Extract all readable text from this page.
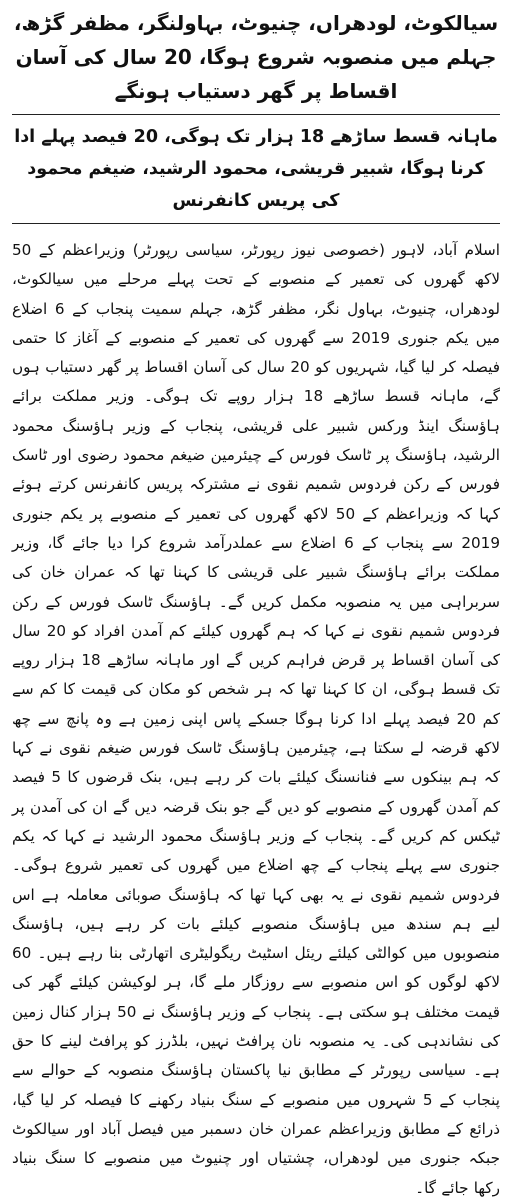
سیالکوٹ، لودھراں، چنیوٹ، بہاولنگر، مظفر گڑھ، جہلم میں منصوبہ شروع ہوگا، 20 سال کی آسان اقساط پر گھر دستیاب ہونگے
ماہانہ قسط ساڑھے 18 ہزار تک ہوگی، 20 فیصد پہلے ادا کرنا ہوگا، شبیر قریشی، محمود الرشید، ضیغم محمود کی پریس کانفرنس

اسلام آباد، لاہور (خصوصی نیوز رپورٹر، سیاسی رپورٹر) وزیراعظم کے 50 لاکھ گھروں کی تعمیر کے منصوبے کے تحت پہلے مرحلے میں سیالکوٹ، لودھراں، چنیوٹ، بہاول نگر، مظفر گڑھ، جہلم سمیت پنجاب کے 6 اضلاع میں یکم جنوری 2019 سے گھروں کی تعمیر کے منصوبے کے آغاز کا حتمی فیصلہ کر لیا گیا، شہریوں کو 20 سال کی آسان اقساط پر گھر دستیاب ہوں گے، ماہانہ قسط ساڑھے 18 ہزار روپے تک ہوگی۔ وزیر مملکت برائے ہاؤسنگ اینڈ ورکس شبیر علی قریشی، پنجاب کے وزیر ہاؤسنگ محمود الرشید، ہاؤسنگ پر ٹاسک فورس کے چیئرمین ضیغم محمود رضوی اور ٹاسک فورس کے رکن فردوس شمیم نقوی نے مشترکہ پریس کانفرنس کرتے ہوئے کہا کہ وزیراعظم کے 50 لاکھ گھروں کی تعمیر کے منصوبے پر یکم جنوری 2019 سے پنجاب کے 6 اضلاع سے عملدرآمد شروع کرا دیا جائے گا، وزیر مملکت برائے ہاؤسنگ شبیر علی قریشی کا کہنا تھا کہ عمران خان کی سربراہی میں یہ منصوبہ مکمل کریں گے۔ ہاؤسنگ ٹاسک فورس کے رکن فردوس شمیم نقوی نے کہا کہ ہم گھروں کیلئے کم آمدن افراد کو 20 سال کی آسان اقساط پر قرض فراہم کریں گے اور ماہانہ ساڑھے 18 ہزار روپے تک قسط ہوگی، ان کا کہنا تھا کہ ہر شخص کو مکان کی قیمت کا کم سے کم 20 فیصد پہلے ادا کرنا ہوگا جسکے پاس اپنی زمین ہے وہ پانچ سے چھ لاکھ قرضہ لے سکتا ہے، چیئرمین ہاؤسنگ ٹاسک فورس ضیغم نقوی نے کہا کہ ہم بینکوں سے فنانسنگ کیلئے بات کر رہے ہیں، بنک قرضوں کا 5 فیصد کم آمدن گھروں کے منصوبے کو دیں گے جو بنک قرضہ دیں گے ان کی آمدن پر ٹیکس کم کریں گے۔ پنجاب کے وزیر ہاؤسنگ محمود الرشید نے کہا کہ یکم جنوری سے پہلے پنجاب کے چھ اضلاع میں گھروں کی تعمیر شروع ہوگی۔ فردوس شمیم نقوی نے یہ بھی کہا تھا کہ ہاؤسنگ صوبائی معاملہ ہے اس لیے ہم سندھ میں ہاؤسنگ منصوبے کیلئے بات کر رہے ہیں، ہاؤسنگ منصوبوں میں کوالٹی کیلئے ریئل اسٹیٹ ریگولیٹری اتھارٹی بنا رہے ہیں۔ 60 لاکھ لوگوں کو اس منصوبے سے روزگار ملے گا، ہر لوکیشن کیلئے گھر کی قیمت مختلف ہو سکتی ہے۔ پنجاب کے وزیر ہاؤسنگ نے 50 ہزار کنال زمین کی نشاندہی کی۔ یہ منصوبہ نان پرافٹ نہیں، بلڈرز کو پرافٹ لینے کا حق ہے۔ سیاسی رپورٹر کے مطابق نیا پاکستان ہاؤسنگ منصوبہ کے حوالے سے پنجاب کے 5 شہروں میں منصوبے کے سنگ بنیاد رکھنے کا فیصلہ کر لیا گیا، ذرائع کے مطابق وزیراعظم عمران خان دسمبر میں فیصل آباد اور سیالکوٹ جبکہ جنوری میں لودھراں، چشتیاں اور چنیوٹ میں منصوبے کا سنگ بنیاد رکھا جائے گا۔
